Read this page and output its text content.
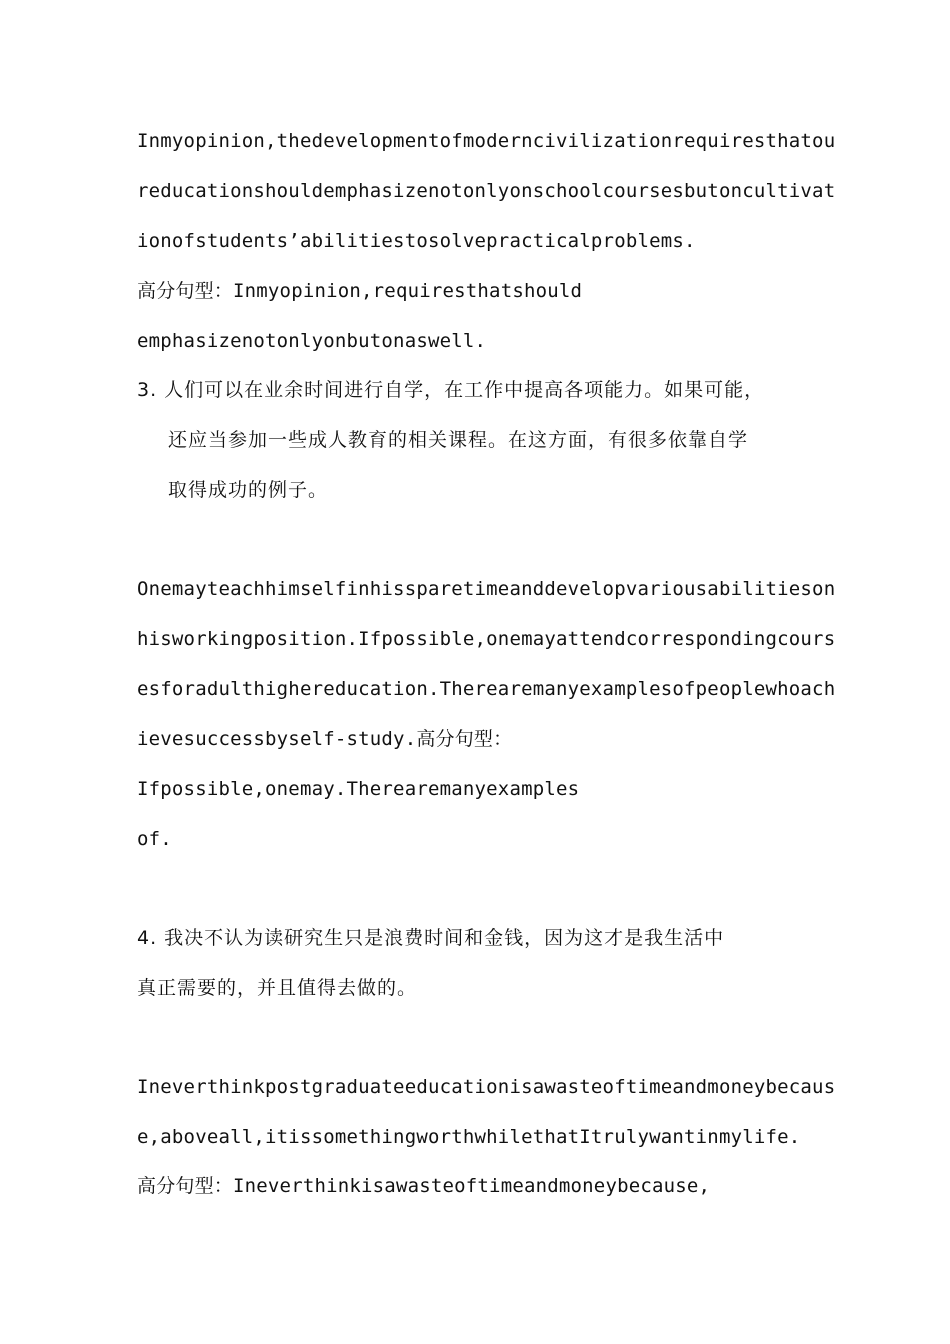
Inmyopinion,thedevelopmentofmoderncivilizationrequiresthatou
reducationshouldemphasizenotonlyonschoolcoursesbutoncultivat
ionofstudents’abilitiestosolvepracticalproblems.
高分句型：Inmyopinion,requiresthatshould
emphasizenotonlyonbutonaswell.
3. 人们可以在业余时间进行自学，在工作中提高各项能力。如果可能，
还应当参加一些成人教育的相关课程。在这方面，有很多依靠自学
取得成功的例子。
Onemayteachhimselfinhissparetimeanddevelopvariousabilitieson
hisworkingposition.Ifpossible,onemayattendcorrespondingcours
esforadulthighereducation.Therearemanyexamplesofpeoplewhoach
ievesuccessbyself-study.高分句型：
Ifpossible,onemay.Therearemanyexamples
of.
4. 我决不认为读研究生只是浪费时间和金钱，因为这才是我生活中
真正需要的，并且值得去做的。
Ineverthinkpostgraduateeducationisawasteoftimeandmoneybecaus
e,aboveall,itissomethingworthwhilethatItrulywantinmylife.
高分句型：Ineverthinkisawasteoftimeandmoneybecause,
